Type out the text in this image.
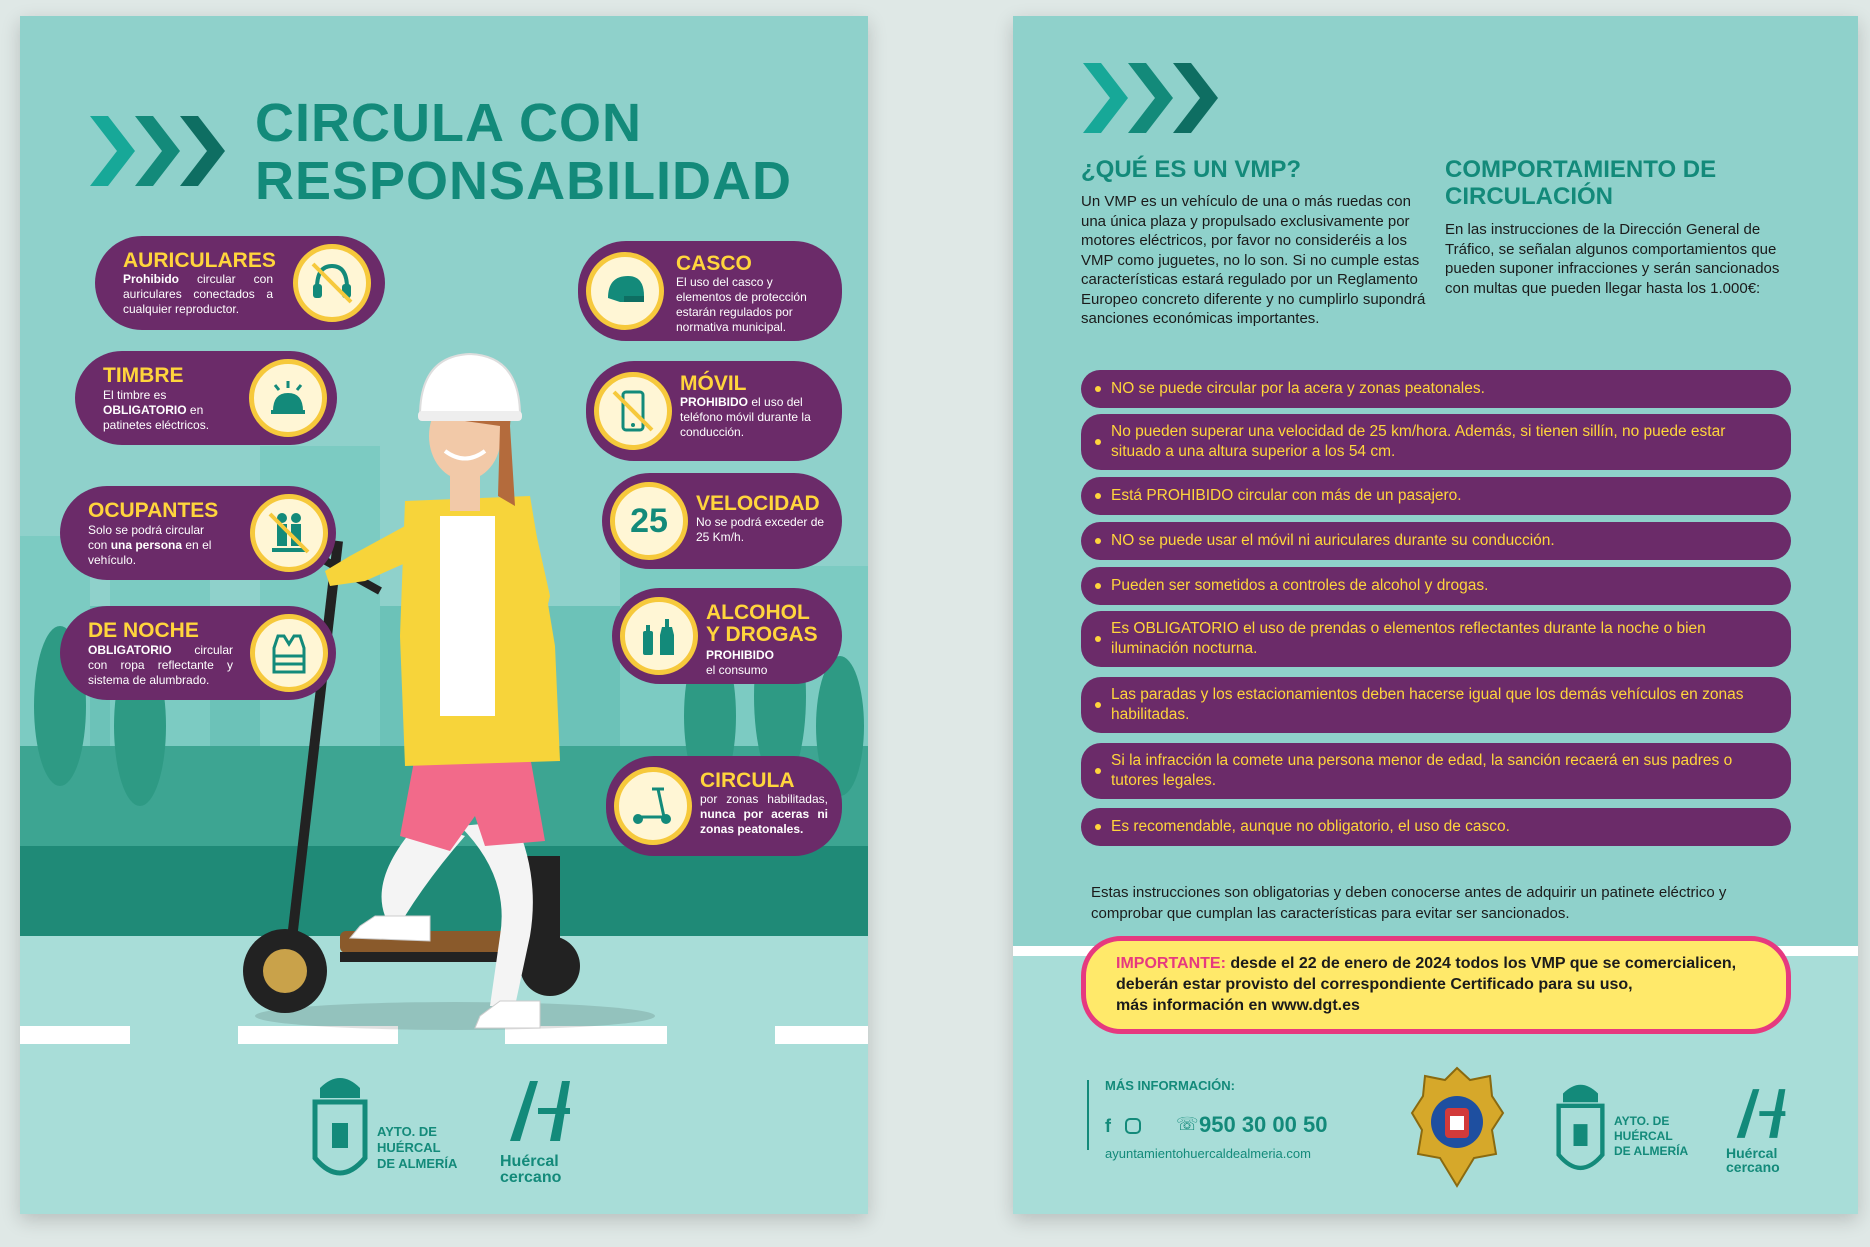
CIRCULA CON
RESPONSABILIDAD
AURICULARES
Prohibido circular con auriculares conectados a cualquier reproductor.
TIMBRE
El timbre es OBLIGATORIO en patinetes eléctricos.
OCUPANTES
Solo se podrá circular con una persona en el vehículo.
DE NOCHE
OBLIGATORIO circular con ropa reflectante y sistema de alumbrado.
CASCO
El uso del casco y elementos de protección estarán regulados por normativa municipal.
MÓVIL
PROHIBIDO el uso del teléfono móvil durante la conducción.
25 VELOCIDAD
No se podrá exceder de 25 Km/h.
ALCOHOL
Y DROGAS
PROHIBIDO
el consumo
CIRCULA
por zonas habilitadas, nunca por aceras ni zonas peatonales.
AYTO. DE
HUÉRCAL
DE ALMERÍA	Huércal
cercano
¿QUÉ ES UN VMP?
Un VMP es un vehículo de una o más ruedas con una única plaza y propulsado exclusivamente por motores eléctricos, por favor no consideréis a los VMP como juguetes, no lo son. Si no cumple estas características estará regulado por un Reglamento Europeo concreto diferente y no cumplirlo supondrá sanciones económicas importantes.
COMPORTAMIENTO DE
CIRCULACIÓN
En las instrucciones de la Dirección General de Tráfico, se señalan algunos comportamientos que pueden suponer infracciones y serán sancionados con multas que pueden llegar hasta los 1.000€:
NO se puede circular por la acera y zonas peatonales.
No pueden superar una velocidad de 25 km/hora. Además, si tienen sillín, no puede estar situado a una altura superior a los 54 cm.
Está PROHIBIDO circular con más de un pasajero.
NO se puede usar el móvil ni auriculares durante su conducción.
Pueden ser sometidos a controles de alcohol y drogas.
Es OBLIGATORIO el uso de prendas o elementos reflectantes durante la noche o bien iluminación nocturna.
Las paradas y los estacionamientos deben hacerse igual que los demás vehículos en zonas habilitadas.
Si la infracción la comete una persona menor de edad, la sanción recaerá en sus padres o tutores legales.
Es recomendable, aunque no obligatorio, el uso de casco.
Estas instrucciones son obligatorias y deben conocerse antes de adquirir un patinete eléctrico y comprobar que cumplan las características para evitar ser sancionados.
IMPORTANTE: desde el 22 de enero de 2024 todos los VMP que se comercialicen,
deberán estar provisto del correspondiente Certificado para su uso,
más información en www.dgt.es
MÁS INFORMACIÓN:
f	☏ 950 30 00 50
ayuntamientohuercaldealmeria.com
AYTO. DE
HUÉRCAL
DE ALMERÍA	Huércal
cercano
